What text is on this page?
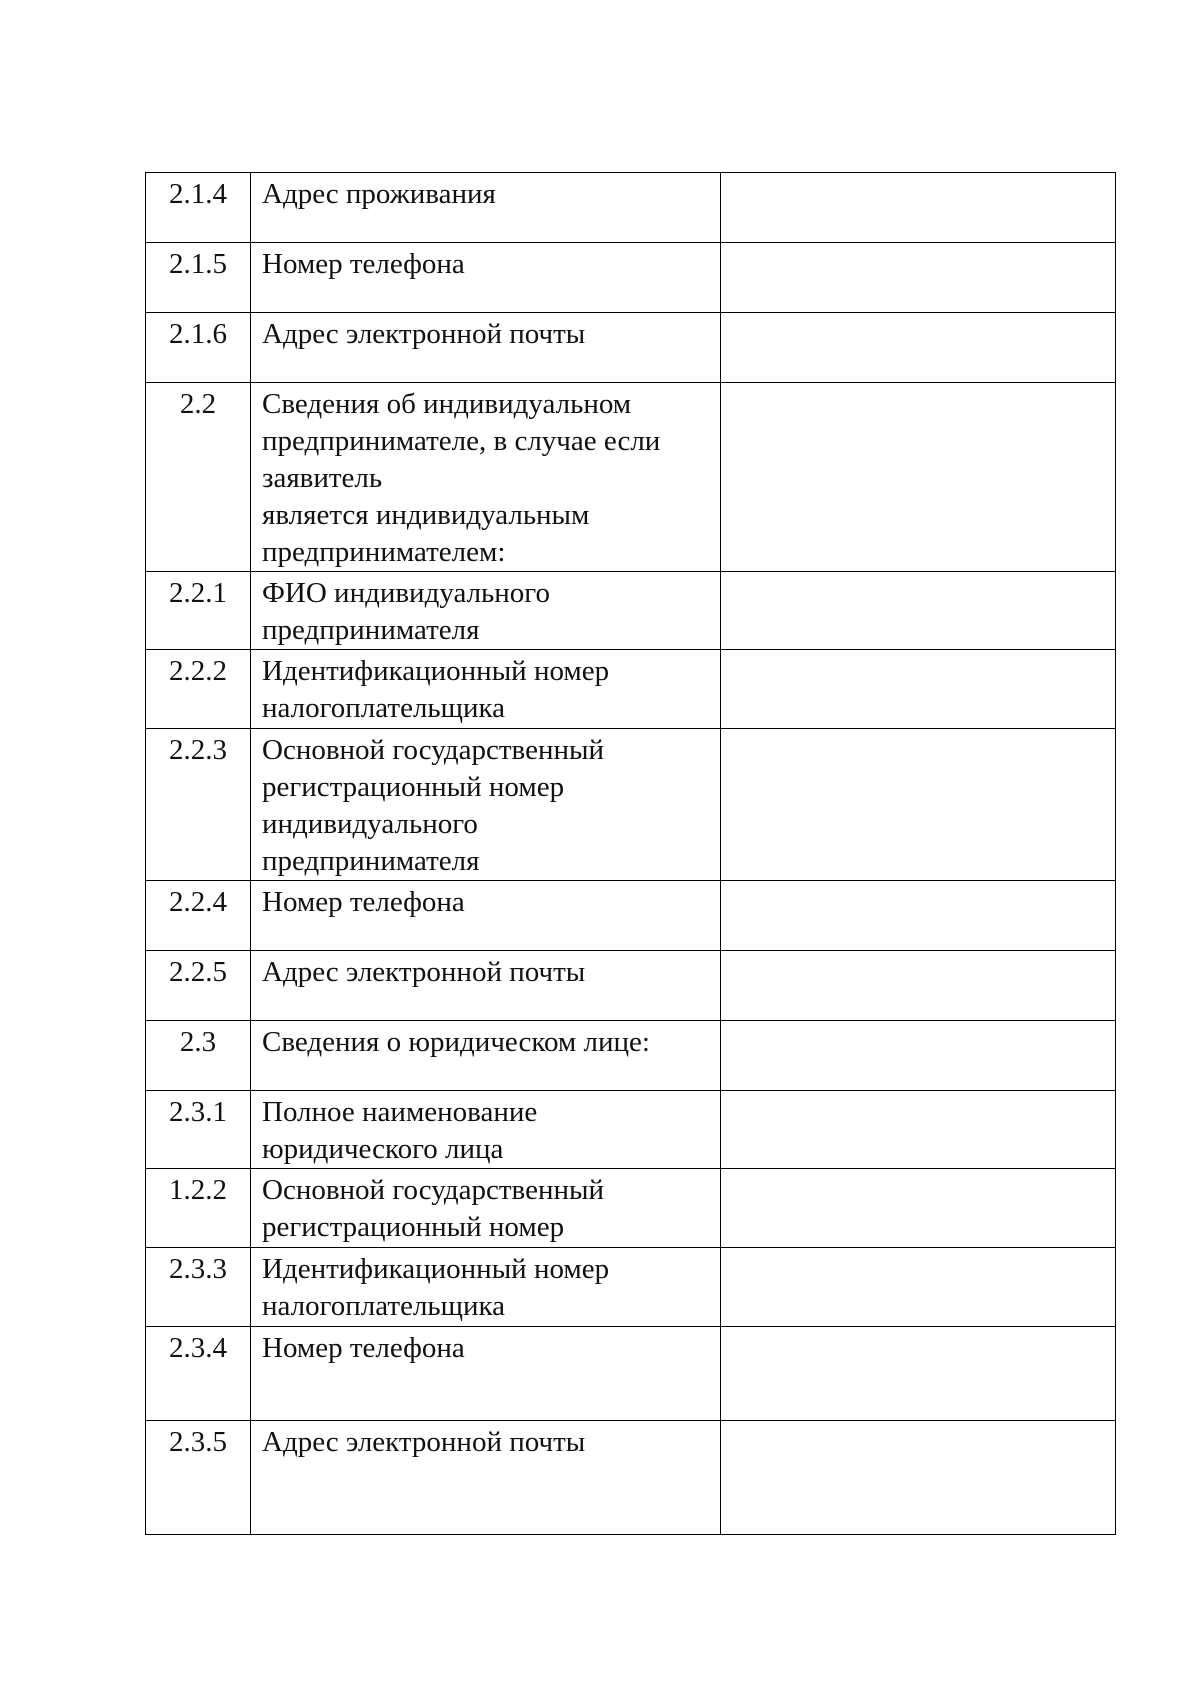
2.1.4	Адрес проживания	
2.1.5	Номер телефона	
2.1.6	Адрес электронной почты	
2.2	Сведения об индивидуальном
предпринимателе, в случае если
заявитель
является индивидуальным
предпринимателем:	
2.2.1	ФИО индивидуального
предпринимателя	
2.2.2	Идентификационный номер
налогоплательщика	
2.2.3	Основной государственный
регистрационный номер
индивидуального
предпринимателя	
2.2.4	Номер телефона	
2.2.5	Адрес электронной почты	
2.3	Сведения о юридическом лице:	
2.3.1	Полное наименование
юридического лица	
1.2.2	Основной государственный
регистрационный номер	
2.3.3	Идентификационный номер
налогоплательщика	
2.3.4	Номер телефона	
2.3.5	Адрес электронной почты	
